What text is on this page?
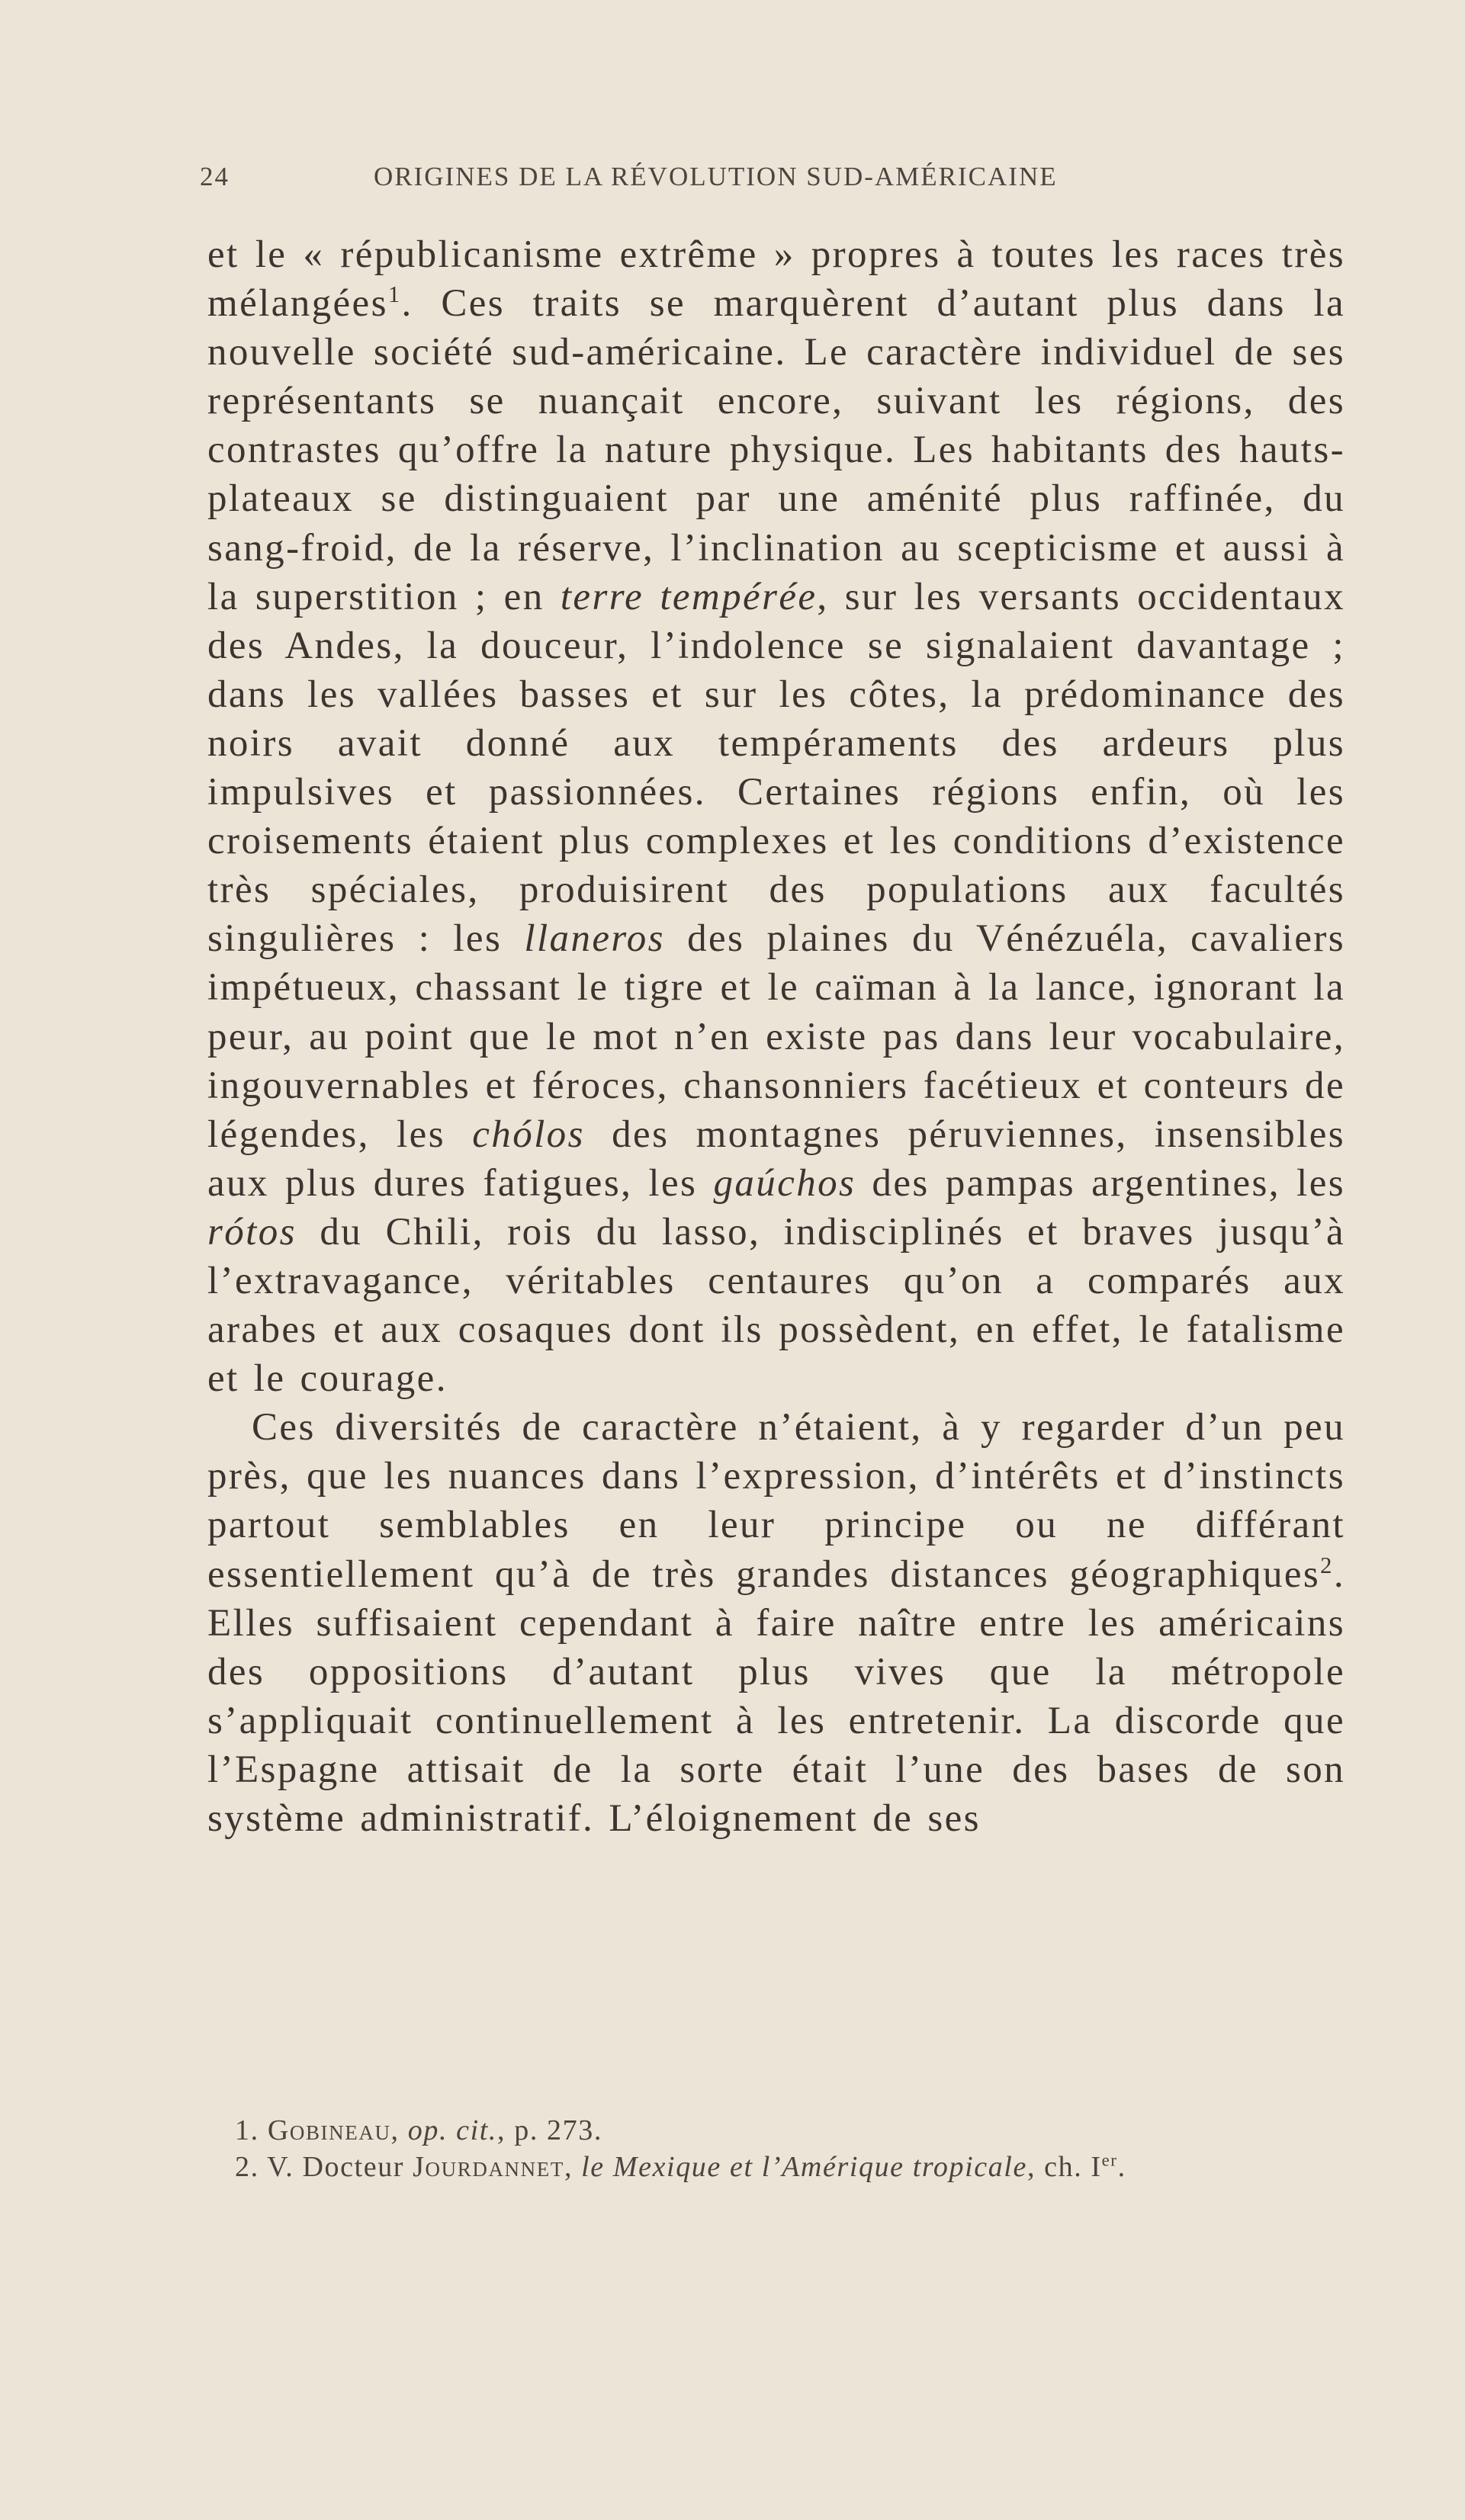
24	ORIGINES DE LA RÉVOLUTION SUD-AMÉRICAINE

et le « républicanisme extrême » propres à toutes les races très mélangées$^1$. Ces traits se marquèrent d’autant plus dans la nouvelle société sud-américaine. Le caractère individuel de ses représentants se nuançait encore, suivant les régions, des contrastes qu’offre la nature physique. Les habitants des hauts-plateaux se distinguaient par une aménité plus raffinée, du sang-froid, de la réserve, l’inclination au scepticisme et aussi à la superstition ; en terre tempérée, sur les versants occidentaux des Andes, la douceur, l’indolence se signalaient davantage ; dans les vallées basses et sur les côtes, la prédominance des noirs avait donné aux tempéraments des ardeurs plus impulsives et passionnées. Certaines régions enfin, où les croisements étaient plus complexes et les conditions d’existence très spéciales, produisirent des populations aux facultés singulières : les llaneros des plaines du Vénézuéla, cavaliers impétueux, chassant le tigre et le caïman à la lance, ignorant la peur, au point que le mot n’en existe pas dans leur vocabulaire, ingouvernables et féroces, chansonniers facétieux et conteurs de légendes, les chólos des montagnes péruviennes, insensibles aux plus dures fatigues, les gaúchos des pampas argentines, les rótos du Chili, rois du lasso, indisciplinés et braves jusqu’à l’extravagance, véritables centaures qu’on a comparés aux arabes et aux cosaques dont ils possèdent, en effet, le fatalisme et le courage.

Ces diversités de caractère n’étaient, à y regarder d’un peu près, que les nuances dans l’expression, d’intérêts et d’instincts partout semblables en leur principe ou ne différant essentiellement qu’à de très grandes distances géographiques$^2$. Elles suffisaient cependant à faire naître entre les américains des oppositions d’autant plus vives que la métropole s’appliquait continuellement à les entretenir. La discorde que l’Espagne attisait de la sorte était l’une des bases de son système administratif. L’éloignement de ses

1. Gobineau, op. cit., p. 273.

2. V. Docteur Jourdannet, le Mexique et l’Amérique tropicale, ch. Ier.
